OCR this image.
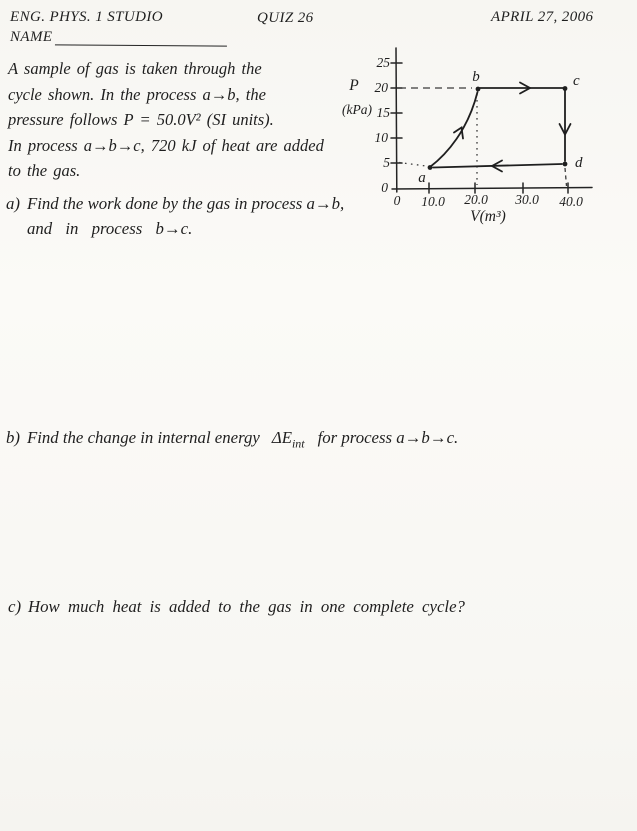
ENG. PHYS. 1 STUDIO	QUIZ 26	APRIL 27, 2006
NAME
A sample of gas is taken through the
cycle shown. In the process a→b, the
pressure follows P = 50.0V² (SI units).
In process a→b→c, 720 kJ of heat are added
to the gas.	a
b	c
d
25
20
15
10
5
0
0 10.0 20.0 30.0 40.0
P
(kPa)
V(m³)
a) Find the work done by the gas in process a→b,
and in process b→c.
b) Find the change in internal energy $\Delta E_{int}$ for process a→b→c.
c) How much heat is added to the gas in one complete cycle?
